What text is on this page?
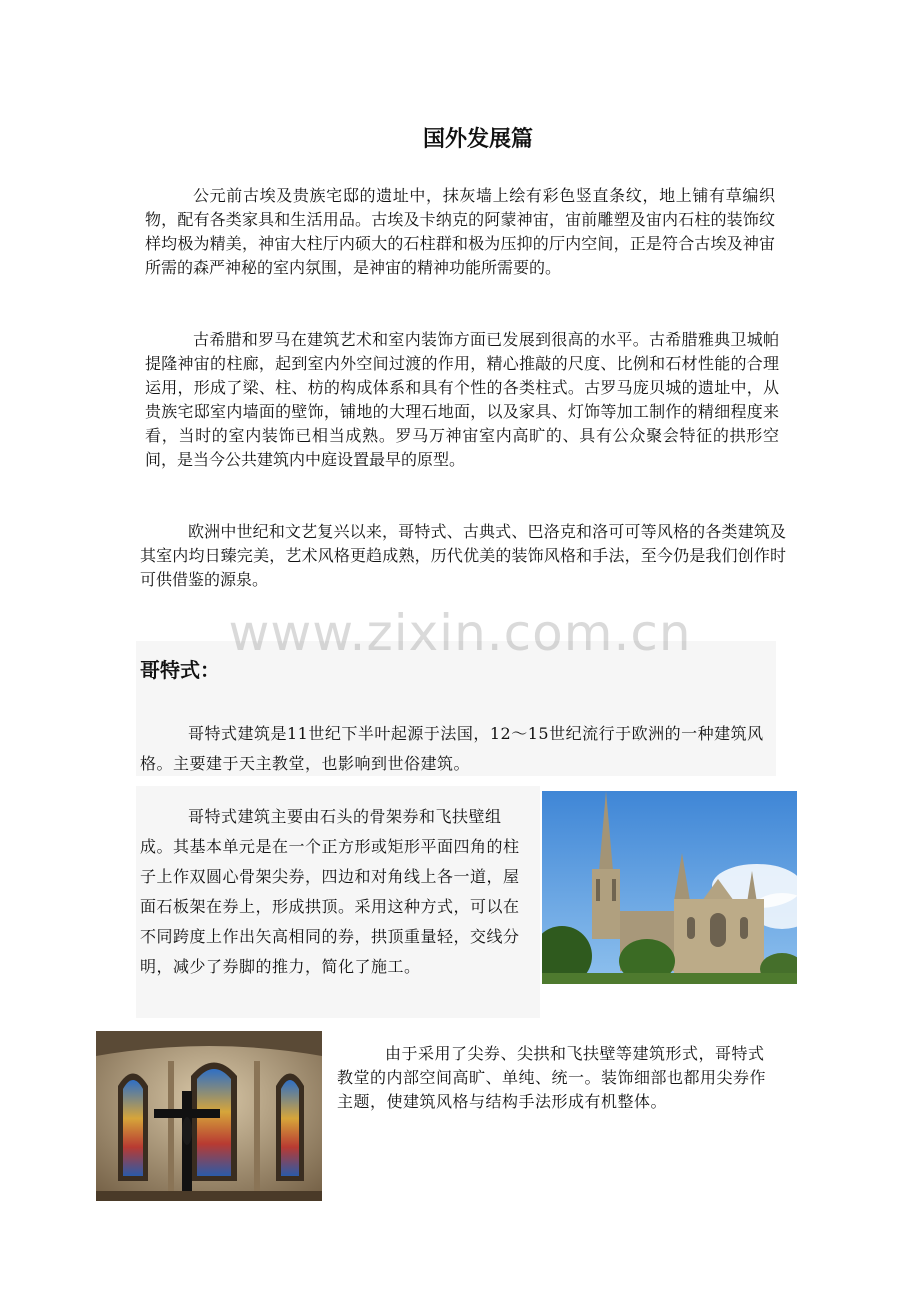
国外发展篇
公元前古埃及贵族宅邸的遗址中，抹灰墙上绘有彩色竖直条纹，地上铺有草编织物，配有各类家具和生活用品。古埃及卡纳克的阿蒙神宙，宙前雕塑及宙内石柱的装饰纹样均极为精美，神宙大柱厅内硕大的石柱群和极为压抑的厅内空间，正是符合古埃及神宙所需的森严神秘的室内氛围，是神宙的精神功能所需要的。
古希腊和罗马在建筑艺术和室内装饰方面已发展到很高的水平。古希腊雅典卫城帕提隆神宙的柱廊，起到室内外空间过渡的作用，精心推敲的尺度、比例和石材性能的合理运用，形成了梁、柱、枋的构成体系和具有个性的各类柱式。古罗马庞贝城的遗址中，从贵族宅邸室内墙面的壁饰，铺地的大理石地面，以及家具、灯饰等加工制作的精细程度来看，当时的室内装饰已相当成熟。罗马万神宙室内高旷的、具有公众聚会特征的拱形空间，是当今公共建筑内中庭设置最早的原型。
欧洲中世纪和文艺复兴以来，哥特式、古典式、巴洛克和洛可可等风格的各类建筑及其室内均日臻完美，艺术风格更趋成熟，历代优美的装饰风格和手法，至今仍是我们创作时可供借鉴的源泉。
www.zixin.com.cn
哥特式：
哥特式建筑是11世纪下半叶起源于法国，12～15世纪流行于欧洲的一种建筑风格。主要建于天主教堂，也影响到世俗建筑。
哥特式建筑主要由石头的骨架券和飞扶壁组成。其基本单元是在一个正方形或矩形平面四角的柱子上作双圆心骨架尖券，四边和对角线上各一道，屋面石板架在券上，形成拱顶。采用这种方式，可以在不同跨度上作出矢高相同的券，拱顶重量轻，交线分明，减少了券脚的推力，简化了施工。
由于采用了尖券、尖拱和飞扶壁等建筑形式，哥特式教堂的内部空间高旷、单纯、统一。装饰细部也都用尖券作主题，使建筑风格与结构手法形成有机整体。
